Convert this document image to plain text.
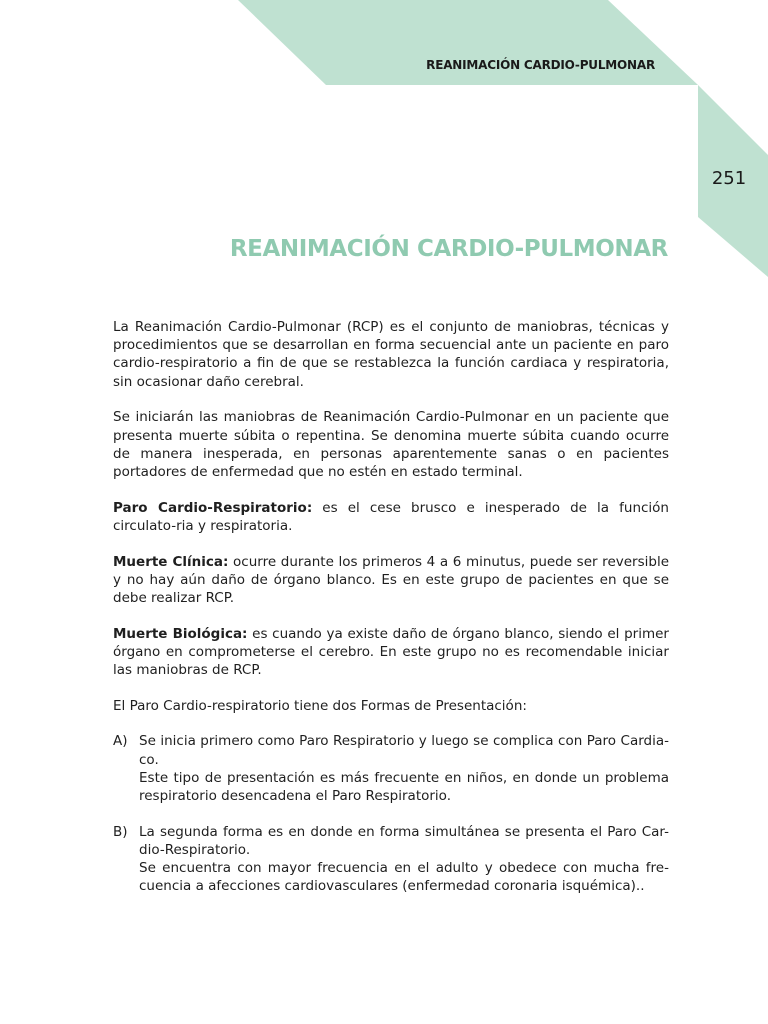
REANIMACIÓN CARDIO-PULMONAR
251
REANIMACIÓN CARDIO-PULMONAR

La Reanimación Cardio-Pulmonar (RCP) es el conjunto de maniobras, técnicas y procedimientos que se desarrollan en forma secuencial ante un paciente en paro cardio-respiratorio a fin de que se restablezca la función cardiaca y respiratoria, sin ocasionar daño cerebral.

Se iniciarán las maniobras de Reanimación Cardio-Pulmonar en un paciente que presenta muerte súbita o repentina. Se denomina muerte súbita cuando ocurre de manera inesperada, en personas aparentemente sanas o en pacientes portadores de enfermedad que no estén en estado terminal.

Paro Cardio-Respiratorio: es el cese brusco e inesperado de la función circulato-ria y respiratoria.

Muerte Clínica: ocurre durante los primeros 4 a 6 minutus, puede ser reversible y no hay aún daño de órgano blanco. Es en este grupo de pacientes en que se debe realizar RCP.

Muerte Biológica: es cuando ya existe daño de órgano blanco, siendo el primer órgano en comprometerse el cerebro. En este grupo no es recomendable iniciar las maniobras de RCP.

El Paro Cardio-respiratorio tiene dos Formas de Presentación:

A) Se inicia primero como Paro Respiratorio y luego se complica con Paro Cardia-co.
Este tipo de presentación es más frecuente en niños, en donde un problema respiratorio desencadena el Paro Respiratorio.
B) La segunda forma es en donde en forma simultánea se presenta el Paro Car-dio-Respiratorio.
Se encuentra con mayor frecuencia en el adulto y obedece con mucha fre-cuencia a afecciones cardiovasculares (enfermedad coronaria isquémica)..
